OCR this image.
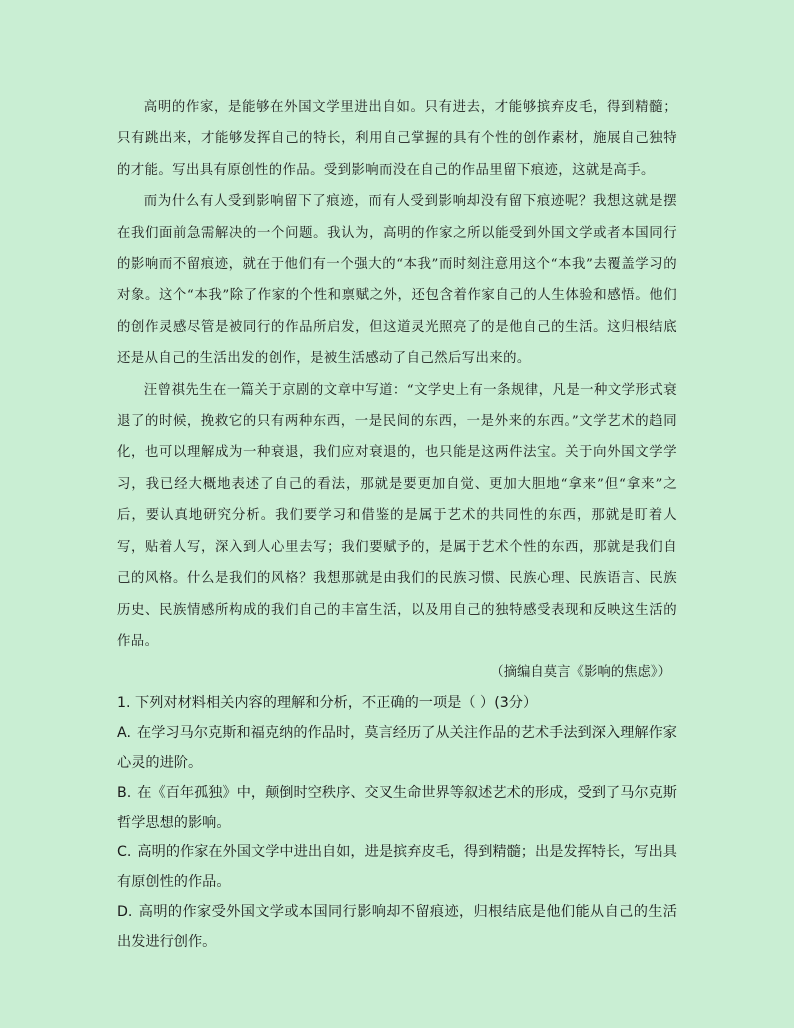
高明的作家，是能够在外国文学里进出自如。只有进去，才能够摈弃皮毛，得到精髓；只有跳出来，才能够发挥自己的特长，利用自己掌握的具有个性的创作素材，施展自己独特的才能。写出具有原创性的作品。受到影响而没在自己的作品里留下痕迹，这就是高手。

而为什么有人受到影响留下了痕迹，而有人受到影响却没有留下痕迹呢？我想这就是摆在我们面前急需解决的一个问题。我认为，高明的作家之所以能受到外国文学或者本国同行的影响而不留痕迹，就在于他们有一个强大的“本我”而时刻注意用这个“本我”去覆盖学习的对象。这个“本我”除了作家的个性和禀赋之外，还包含着作家自己的人生体验和感悟。他们的创作灵感尽管是被同行的作品所启发，但这道灵光照亮了的是他自己的生活。这归根结底还是从自己的生活出发的创作，是被生活感动了自己然后写出来的。

汪曾祺先生在一篇关于京剧的文章中写道：“文学史上有一条规律，凡是一种文学形式衰退了的时候，挽救它的只有两种东西，一是民间的东西，一是外来的东西。”文学艺术的趋同化，也可以理解成为一种衰退，我们应对衰退的，也只能是这两件法宝。关于向外国文学学习，我已经大概地表述了自己的看法，那就是要更加自觉、更加大胆地“拿来”但“拿来”之后，要认真地研究分析。我们要学习和借鉴的是属于艺术的共同性的东西，那就是盯着人写，贴着人写，深入到人心里去写；我们要赋予的，是属于艺术个性的东西，那就是我们自己的风格。什么是我们的风格？我想那就是由我们的民族习惯、民族心理、民族语言、民族历史、民族情感所构成的我们自己的丰富生活，以及用自己的独特感受表现和反映这生活的作品。

（摘编自莫言《影响的焦虑》）

1. 下列对材料相关内容的理解和分析，不正确的一项是（ ）(3分）

A. 在学习马尔克斯和福克纳的作品时，莫言经历了从关注作品的艺术手法到深入理解作家心灵的进阶。

B. 在《百年孤独》中，颠倒时空秩序、交叉生命世界等叙述艺术的形成，受到了马尔克斯哲学思想的影响。

C. 高明的作家在外国文学中进出自如，进是摈弃皮毛，得到精髓；出是发挥特长，写出具有原创性的作品。

D. 高明的作家受外国文学或本国同行影响却不留痕迹，归根结底是他们能从自己的生活出发进行创作。
